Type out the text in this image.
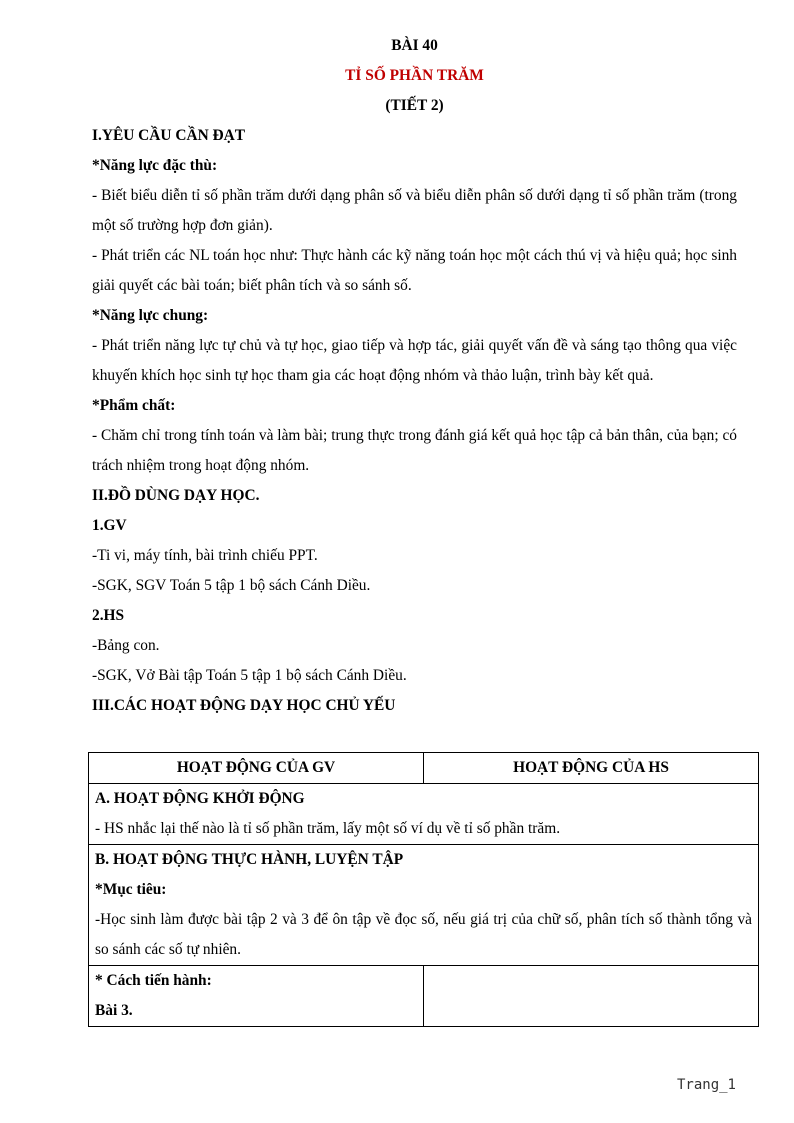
BÀI 40
TỈ SỐ PHẦN TRĂM
(TIẾT 2)
I.YÊU CẦU CẦN ĐẠT
*Năng lực đặc thù:
- Biết biểu diễn tỉ số phần trăm dưới dạng phân số và biểu diễn phân số dưới dạng tỉ số phần trăm (trong một số trường hợp đơn giản).
- Phát triển các NL toán học như: Thực hành các kỹ năng toán học một cách thú vị và hiệu quả; học sinh giải quyết các bài toán; biết phân tích và so sánh số.
*Năng lực chung:
- Phát triển năng lực tự chủ và tự học, giao tiếp và hợp tác, giải quyết vấn đề và sáng tạo thông qua việc khuyến khích học sinh tự học tham gia các hoạt động nhóm và thảo luận, trình bày kết quả.
*Phẩm chất:
- Chăm chỉ trong tính toán và làm bài; trung thực trong đánh giá kết quả học tập cả bản thân, của bạn; có trách nhiệm trong hoạt động nhóm.
II.ĐỒ DÙNG DẠY HỌC.
1.GV
-Ti vi, máy tính, bài trình chiếu PPT.
-SGK, SGV Toán 5 tập 1 bộ sách Cánh Diều.
2.HS
-Bảng con.
-SGK, Vở Bài tập Toán 5 tập 1 bộ sách Cánh Diều.
III.CÁC HOẠT ĐỘNG DẠY HỌC CHỦ YẾU
HOẠT ĐỘNG CỦA GV	HOẠT ĐỘNG CỦA HS

A. HOẠT ĐỘNG KHỞI ĐỘNG
- HS nhắc lại thế nào là tỉ số phần trăm, lấy một số ví dụ về tỉ số phần trăm.	

B. HOẠT ĐỘNG THỰC HÀNH, LUYỆN TẬP
*Mục tiêu:
-Học sinh làm được bài tập 2 và 3 để ôn tập về đọc số, nếu giá trị của chữ số, phân tích số thành tổng và so sánh các số tự nhiên.	

* Cách tiến hành:
Bài 3.	

Trang_1
